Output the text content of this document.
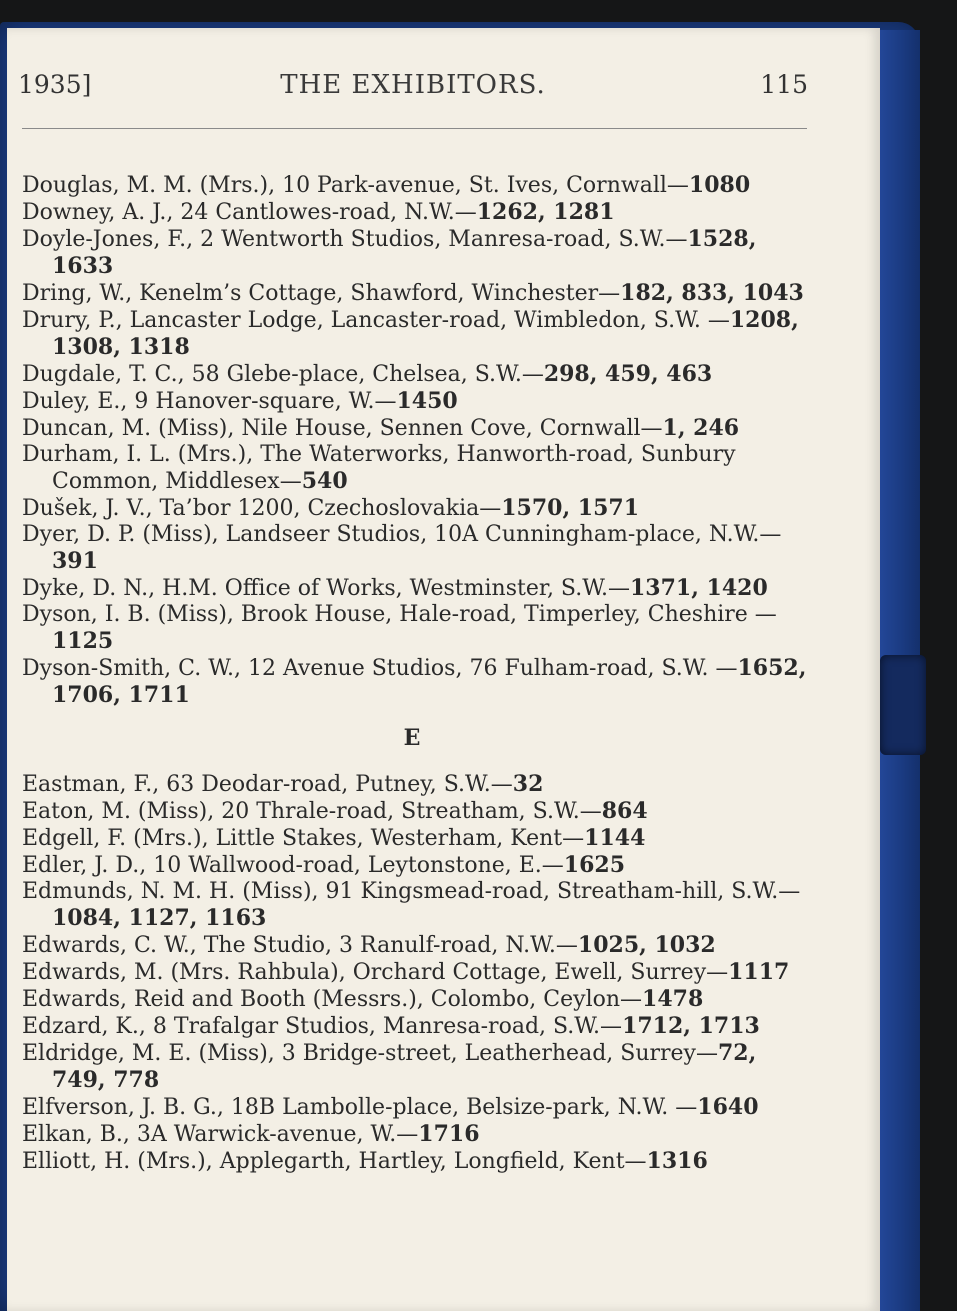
1935]	THE EXHIBITORS.	115

Douglas, M. M. (Mrs.), 10 Park-avenue, St. Ives, Cornwall—1080

Downey, A. J., 24 Cantlowes-road, N.W.—1262, 1281

Doyle-Jones, F., 2 Wentworth Studios, Manresa-road, S.W.—1528, 1633

Dring, W., Kenelm’s Cottage, Shawford, Winchester—182, 833, 1043

Drury, P., Lancaster Lodge, Lancaster-road, Wimbledon, S.W. —1208, 1308, 1318

Dugdale, T. C., 58 Glebe-place, Chelsea, S.W.—298, 459, 463

Duley, E., 9 Hanover-square, W.—1450

Duncan, M. (Miss), Nile House, Sennen Cove, Cornwall—1, 246

Durham, I. L. (Mrs.), The Waterworks, Hanworth-road, Sunbury Common, Middlesex—540

Dušek, J. V., Ta’bor 1200, Czechoslovakia—1570, 1571

Dyer, D. P. (Miss), Landseer Studios, 10A Cunningham-place, N.W.—391

Dyke, D. N., H.M. Office of Works, Westminster, S.W.—1371, 1420

Dyson, I. B. (Miss), Brook House, Hale-road, Timperley, Cheshire —1125

Dyson-Smith, C. W., 12 Avenue Studios, 76 Fulham-road, S.W. —1652, 1706, 1711

E

Eastman, F., 63 Deodar-road, Putney, S.W.—32

Eaton, M. (Miss), 20 Thrale-road, Streatham, S.W.—864

Edgell, F. (Mrs.), Little Stakes, Westerham, Kent—1144

Edler, J. D., 10 Wallwood-road, Leytonstone, E.—1625

Edmunds, N. M. H. (Miss), 91 Kingsmead-road, Streatham-hill, S.W.—1084, 1127, 1163

Edwards, C. W., The Studio, 3 Ranulf-road, N.W.—1025, 1032

Edwards, M. (Mrs. Rahbula), Orchard Cottage, Ewell, Surrey—1117

Edwards, Reid and Booth (Messrs.), Colombo, Ceylon—1478

Edzard, K., 8 Trafalgar Studios, Manresa-road, S.W.—1712, 1713

Eldridge, M. E. (Miss), 3 Bridge-street, Leatherhead, Surrey—72, 749, 778

Elfverson, J. B. G., 18B Lambolle-place, Belsize-park, N.W. —1640

Elkan, B., 3A Warwick-avenue, W.—1716

Elliott, H. (Mrs.), Applegarth, Hartley, Longfield, Kent—1316
